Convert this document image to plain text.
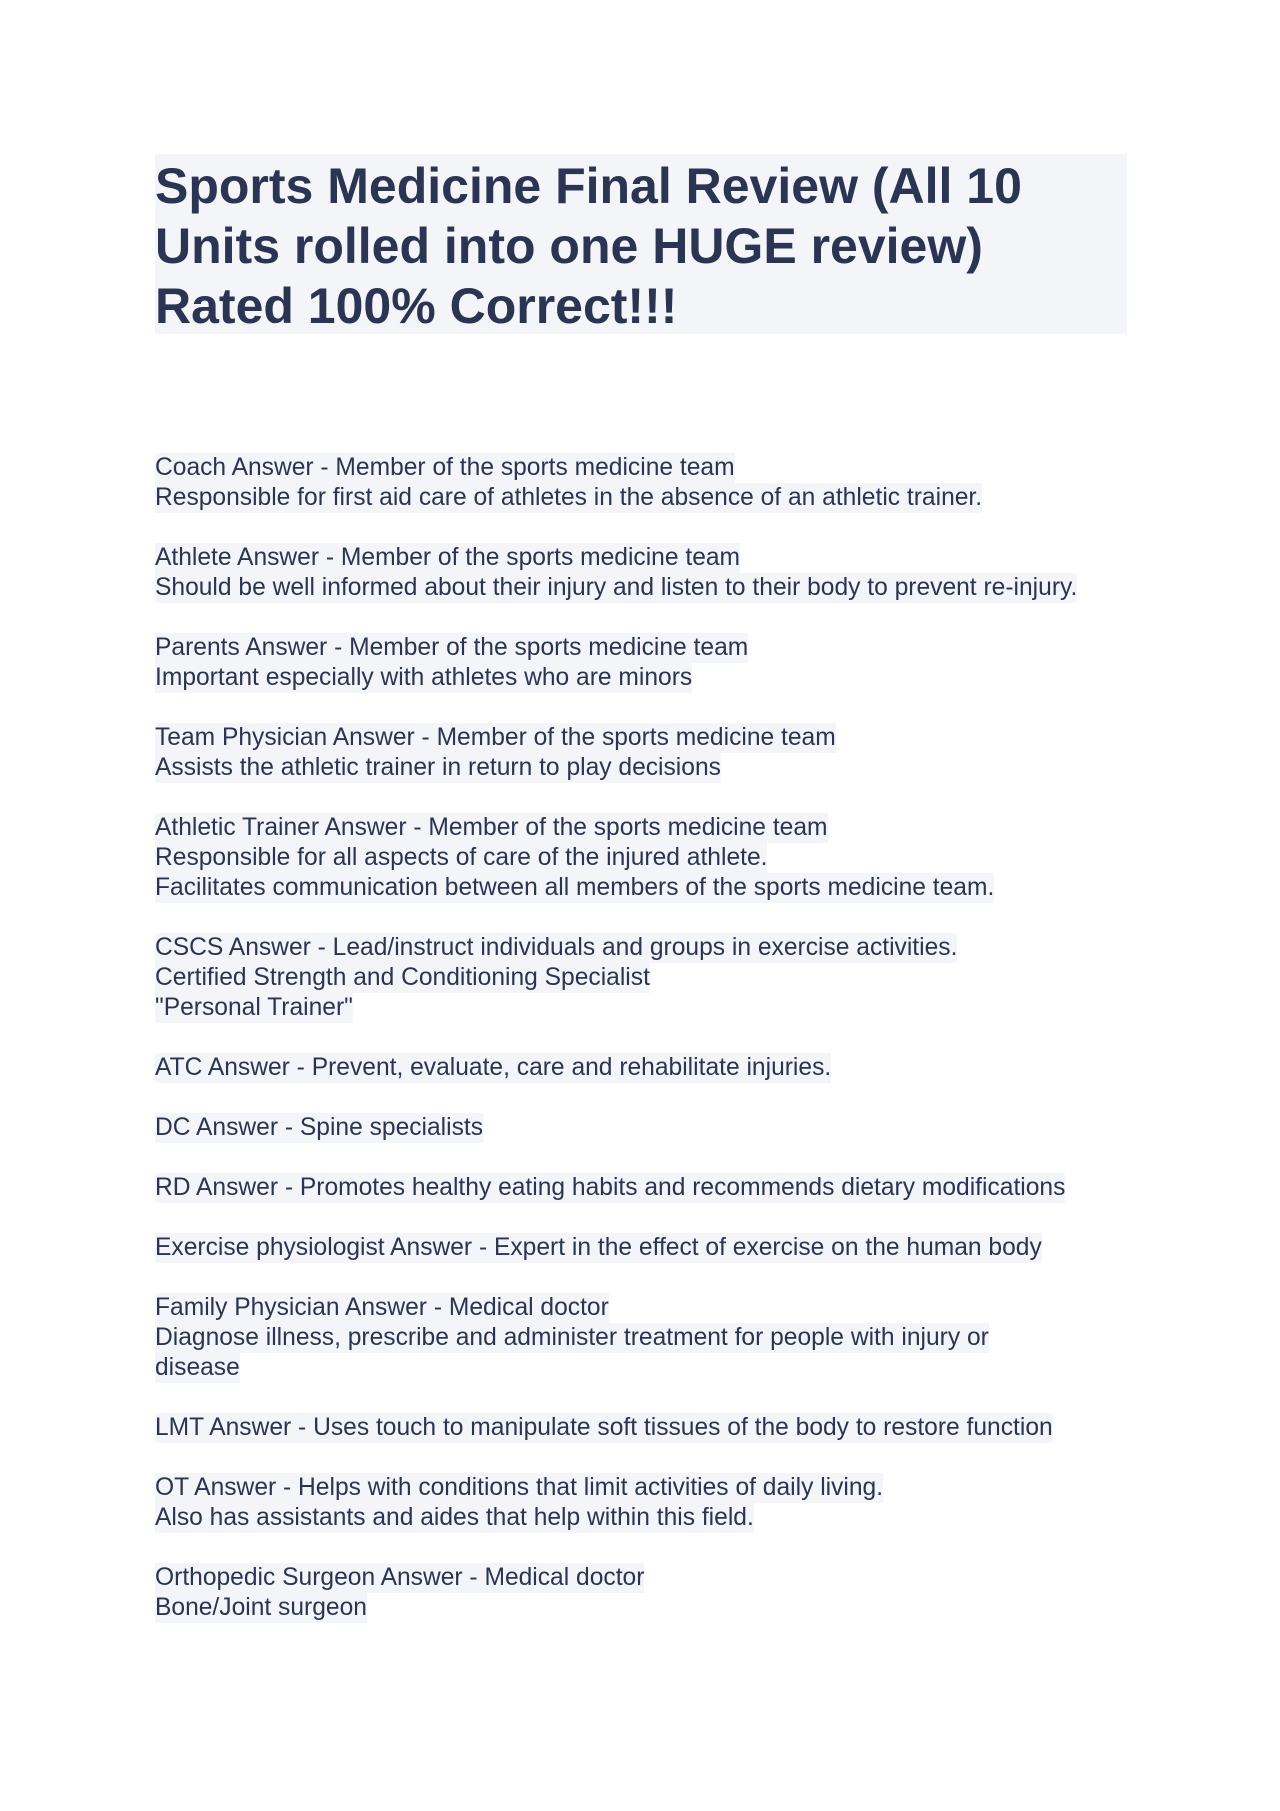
Sports Medicine Final Review (All 10 Units rolled into one HUGE review) Rated 100% Correct!!!
Coach Answer - Member of the sports medicine team
Responsible for first aid care of athletes in the absence of an athletic trainer.
Athlete Answer - Member of the sports medicine team
Should be well informed about their injury and listen to their body to prevent re-injury.
Parents Answer - Member of the sports medicine team
Important especially with athletes who are minors
Team Physician Answer - Member of the sports medicine team
Assists the athletic trainer in return to play decisions
Athletic Trainer Answer - Member of the sports medicine team
Responsible for all aspects of care of the injured athlete.
Facilitates communication between all members of the sports medicine team.
CSCS Answer - Lead/instruct individuals and groups in exercise activities.
Certified Strength and Conditioning Specialist
"Personal Trainer"
ATC Answer - Prevent, evaluate, care and rehabilitate injuries.
DC Answer - Spine specialists
RD Answer - Promotes healthy eating habits and recommends dietary modifications
Exercise physiologist Answer - Expert in the effect of exercise on the human body
Family Physician Answer - Medical doctor
Diagnose illness, prescribe and administer treatment for people with injury or
disease
LMT Answer - Uses touch to manipulate soft tissues of the body to restore function
OT Answer - Helps with conditions that limit activities of daily living.
Also has assistants and aides that help within this field.
Orthopedic Surgeon Answer - Medical doctor
Bone/Joint surgeon
